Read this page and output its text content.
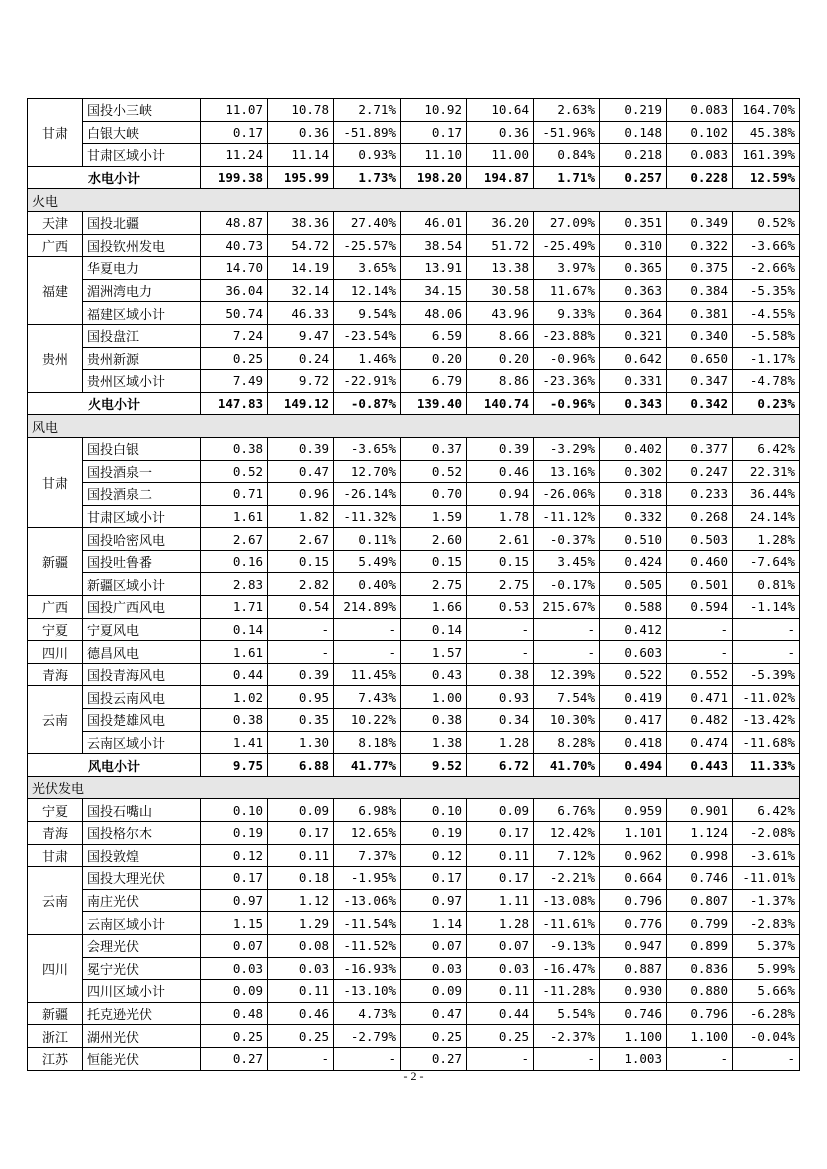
甘肃	国投小三峡	11.07	10.78	2.71%	10.92	10.64	2.63%	0.219	0.083	164.70%
	白银大峡	0.17	0.36	-51.89%	0.17	0.36	-51.96%	0.148	0.102	45.38%
	甘肃区域小计	11.24	11.14	0.93%	11.10	11.00	0.84%	0.218	0.083	161.39%
水电小计		199.38	195.99	1.73%	198.20	194.87	1.71%	0.257	0.228	12.59%
火电										
天津	国投北疆	48.87	38.36	27.40%	46.01	36.20	27.09%	0.351	0.349	0.52%
广西	国投钦州发电	40.73	54.72	-25.57%	38.54	51.72	-25.49%	0.310	0.322	-3.66%
福建	华夏电力	14.70	14.19	3.65%	13.91	13.38	3.97%	0.365	0.375	-2.66%
	湄洲湾电力	36.04	32.14	12.14%	34.15	30.58	11.67%	0.363	0.384	-5.35%
	福建区域小计	50.74	46.33	9.54%	48.06	43.96	9.33%	0.364	0.381	-4.55%
贵州	国投盘江	7.24	9.47	-23.54%	6.59	8.66	-23.88%	0.321	0.340	-5.58%
	贵州新源	0.25	0.24	1.46%	0.20	0.20	-0.96%	0.642	0.650	-1.17%
	贵州区域小计	7.49	9.72	-22.91%	6.79	8.86	-23.36%	0.331	0.347	-4.78%
火电小计		147.83	149.12	-0.87%	139.40	140.74	-0.96%	0.343	0.342	0.23%
风电										
甘肃	国投白银	0.38	0.39	-3.65%	0.37	0.39	-3.29%	0.402	0.377	6.42%
	国投酒泉一	0.52	0.47	12.70%	0.52	0.46	13.16%	0.302	0.247	22.31%
	国投酒泉二	0.71	0.96	-26.14%	0.70	0.94	-26.06%	0.318	0.233	36.44%
	甘肃区域小计	1.61	1.82	-11.32%	1.59	1.78	-11.12%	0.332	0.268	24.14%
新疆	国投哈密风电	2.67	2.67	0.11%	2.60	2.61	-0.37%	0.510	0.503	1.28%
	国投吐鲁番	0.16	0.15	5.49%	0.15	0.15	3.45%	0.424	0.460	-7.64%
	新疆区域小计	2.83	2.82	0.40%	2.75	2.75	-0.17%	0.505	0.501	0.81%
广西	国投广西风电	1.71	0.54	214.89%	1.66	0.53	215.67%	0.588	0.594	-1.14%
宁夏	宁夏风电	0.14	-	-	0.14	-	-	0.412	-	-
四川	德昌风电	1.61	-	-	1.57	-	-	0.603	-	-
青海	国投青海风电	0.44	0.39	11.45%	0.43	0.38	12.39%	0.522	0.552	-5.39%
云南	国投云南风电	1.02	0.95	7.43%	1.00	0.93	7.54%	0.419	0.471	-11.02%
	国投楚雄风电	0.38	0.35	10.22%	0.38	0.34	10.30%	0.417	0.482	-13.42%
	云南区域小计	1.41	1.30	8.18%	1.38	1.28	8.28%	0.418	0.474	-11.68%
风电小计		9.75	6.88	41.77%	9.52	6.72	41.70%	0.494	0.443	11.33%
光伏发电										
宁夏	国投石嘴山	0.10	0.09	6.98%	0.10	0.09	6.76%	0.959	0.901	6.42%
青海	国投格尔木	0.19	0.17	12.65%	0.19	0.17	12.42%	1.101	1.124	-2.08%
甘肃	国投敦煌	0.12	0.11	7.37%	0.12	0.11	7.12%	0.962	0.998	-3.61%
云南	国投大理光伏	0.17	0.18	-1.95%	0.17	0.17	-2.21%	0.664	0.746	-11.01%
	南庄光伏	0.97	1.12	-13.06%	0.97	1.11	-13.08%	0.796	0.807	-1.37%
	云南区域小计	1.15	1.29	-11.54%	1.14	1.28	-11.61%	0.776	0.799	-2.83%
四川	会理光伏	0.07	0.08	-11.52%	0.07	0.07	-9.13%	0.947	0.899	5.37%
	冕宁光伏	0.03	0.03	-16.93%	0.03	0.03	-16.47%	0.887	0.836	5.99%
	四川区域小计	0.09	0.11	-13.10%	0.09	0.11	-11.28%	0.930	0.880	5.66%
新疆	托克逊光伏	0.48	0.46	4.73%	0.47	0.44	5.54%	0.746	0.796	-6.28%
浙江	湖州光伏	0.25	0.25	-2.79%	0.25	0.25	-2.37%	1.100	1.100	-0.04%
江苏	恒能光伏	0.27	-	-	0.27	-	-	1.003	-	-
- 2 -
